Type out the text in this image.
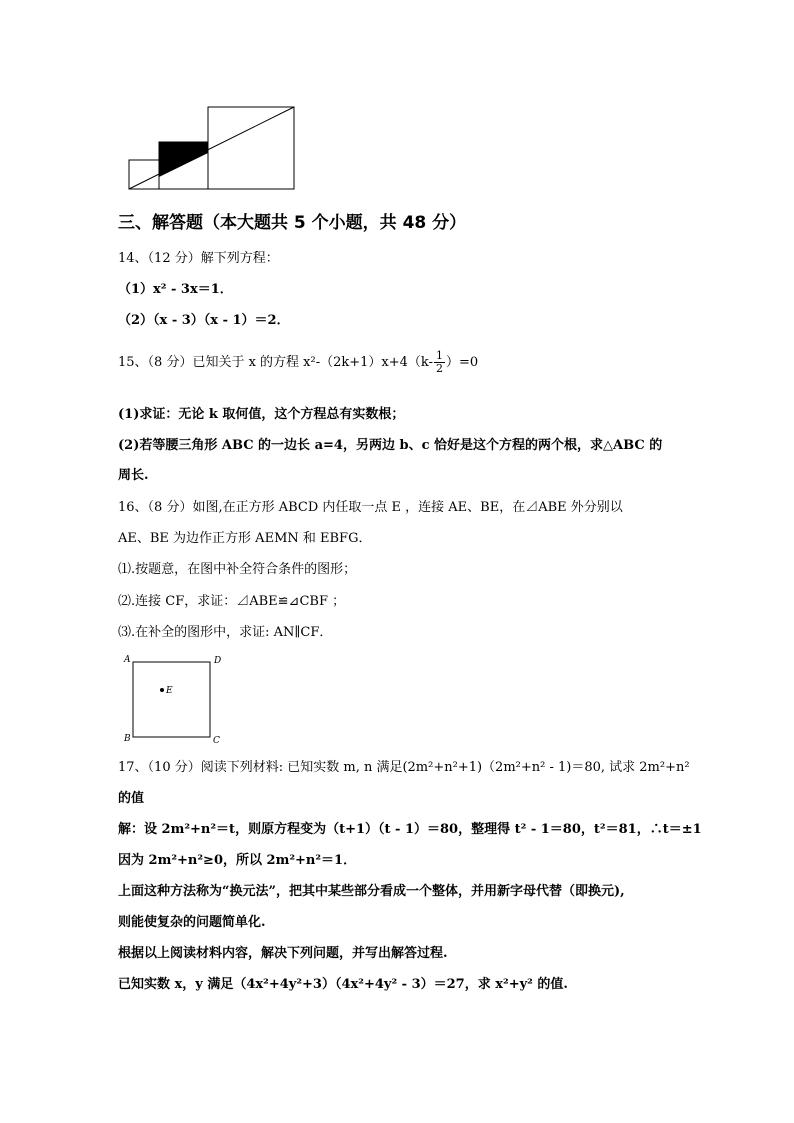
三、解答题（本大题共 5 个小题，共 48 分）
14、（12 分）解下列方程：
（1）x² - 3x＝1．
（2）（x - 3）（x - 1）＝2．
15、（8 分）已知关于 x 的方程 $x^2-(2k+1)x+4(k- \frac{1}{2} )=0$
(1)求证：无论 k 取何值，这个方程总有实数根；
(2)若等腰三角形 ABC 的一边长 a=4，另两边 b、c 恰好是这个方程的两个根，求△ABC 的
周长.
16、（8 分）如图,在正方形 ABCD 内任取一点 E ，连接 AE、BE，在⊿ABE 外分别以
AE、BE 为边作正方形 AEMN 和 EBFG．
⑴.按题意，在图中补全符合条件的图形；
⑵.连接 CF，求证：⊿ABE≌⊿CBF ；
⑶.在补全的图形中，求证: AN∥CF．
A	D
E
B	C
17、（10 分）阅读下列材料: 已知实数 m, n 满足(2m²+n²+1)（2m²+n² - 1)＝80, 试求 2m²+n²
的值
解：设 2m²+n²＝t，则原方程变为（t+1）（t - 1）＝80，整理得 t² - 1＝80，t²＝81，∴t＝±1
因为 2m²+n²≥0，所以 2m²+n²＝1．
上面这种方法称为“换元法”，把其中某些部分看成一个整体，并用新字母代替（即换元),
则能使复杂的问题简单化.
根据以上阅读材料内容，解决下列问题，并写出解答过程.
已知实数 x，y 满足（4x²+4y²+3）（4x²+4y² - 3）＝27，求 x²+y² 的值.
